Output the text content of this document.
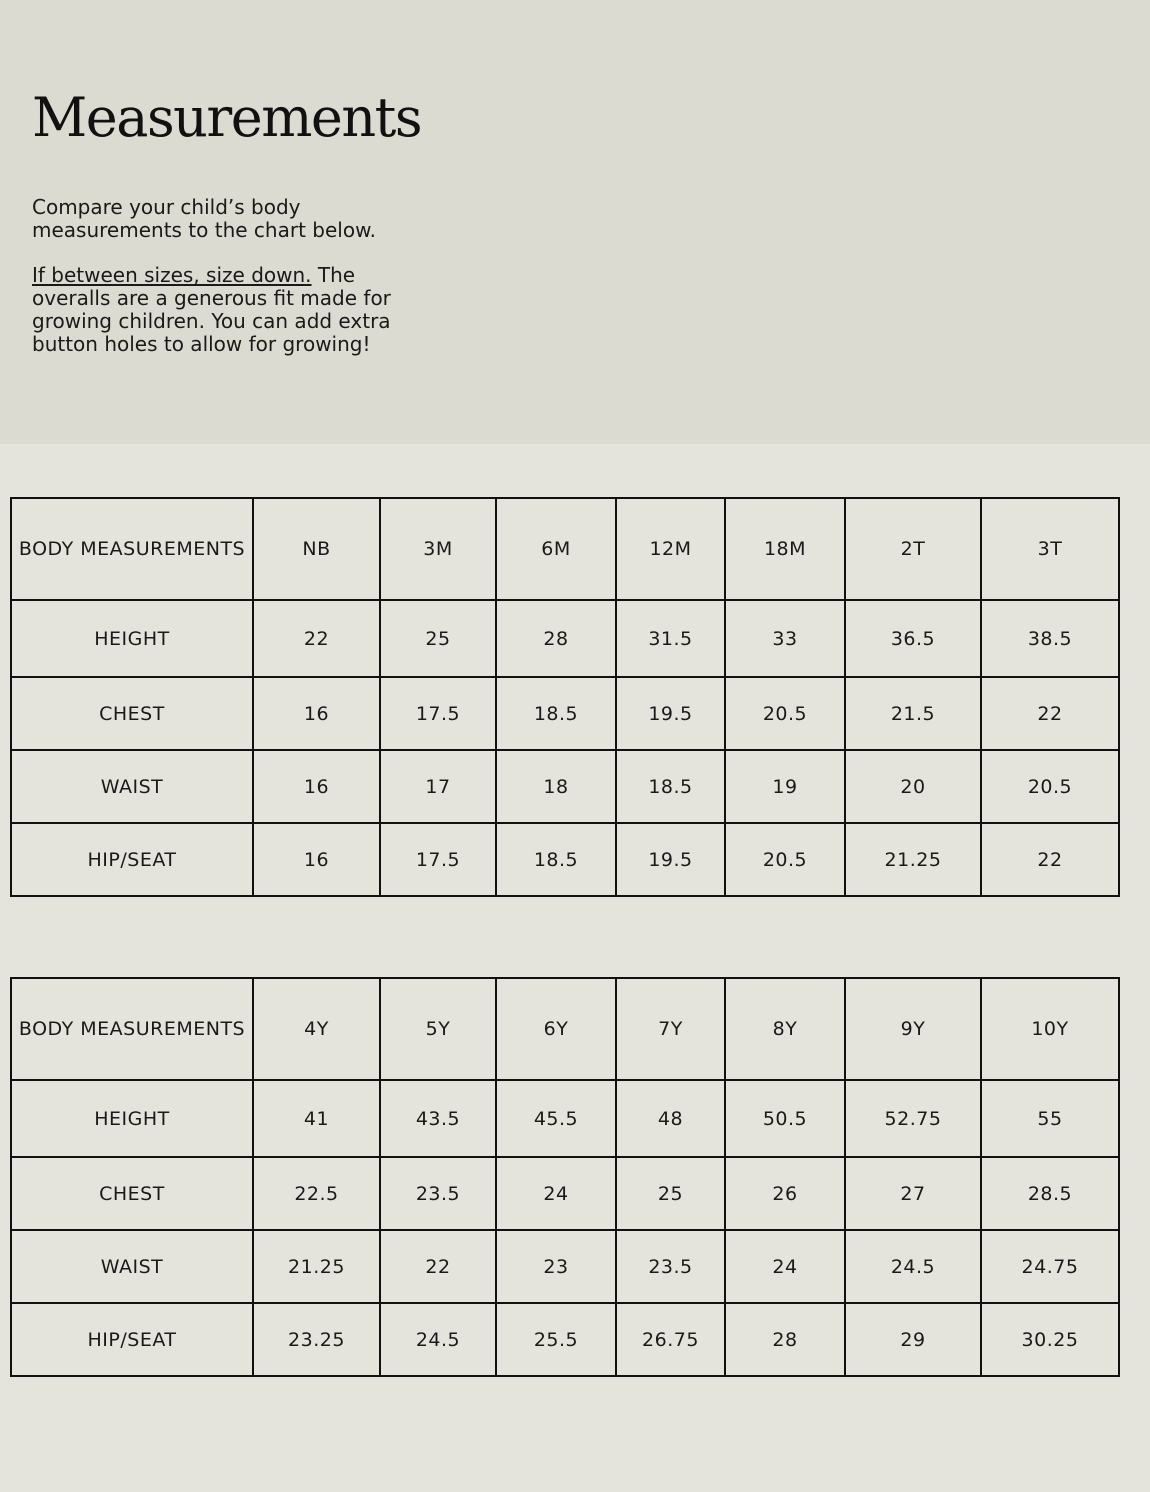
Measurements

Compare your child’s body measurements to the chart below.

If between sizes, size down. The overalls are a generous fit made for growing children. You can add extra button holes to allow for growing!

BODY MEASUREMENTS	NB	3M	6M	12M	18M	2T	3T
HEIGHT	22	25	28	31.5	33	36.5	38.5
CHEST	16	17.5	18.5	19.5	20.5	21.5	22
WAIST	16	17	18	18.5	19	20	20.5
HIP/SEAT	16	17.5	18.5	19.5	20.5	21.25	22
BODY MEASUREMENTS	4Y	5Y	6Y	7Y	8Y	9Y	10Y
HEIGHT	41	43.5	45.5	48	50.5	52.75	55
CHEST	22.5	23.5	24	25	26	27	28.5
WAIST	21.25	22	23	23.5	24	24.5	24.75
HIP/SEAT	23.25	24.5	25.5	26.75	28	29	30.25
